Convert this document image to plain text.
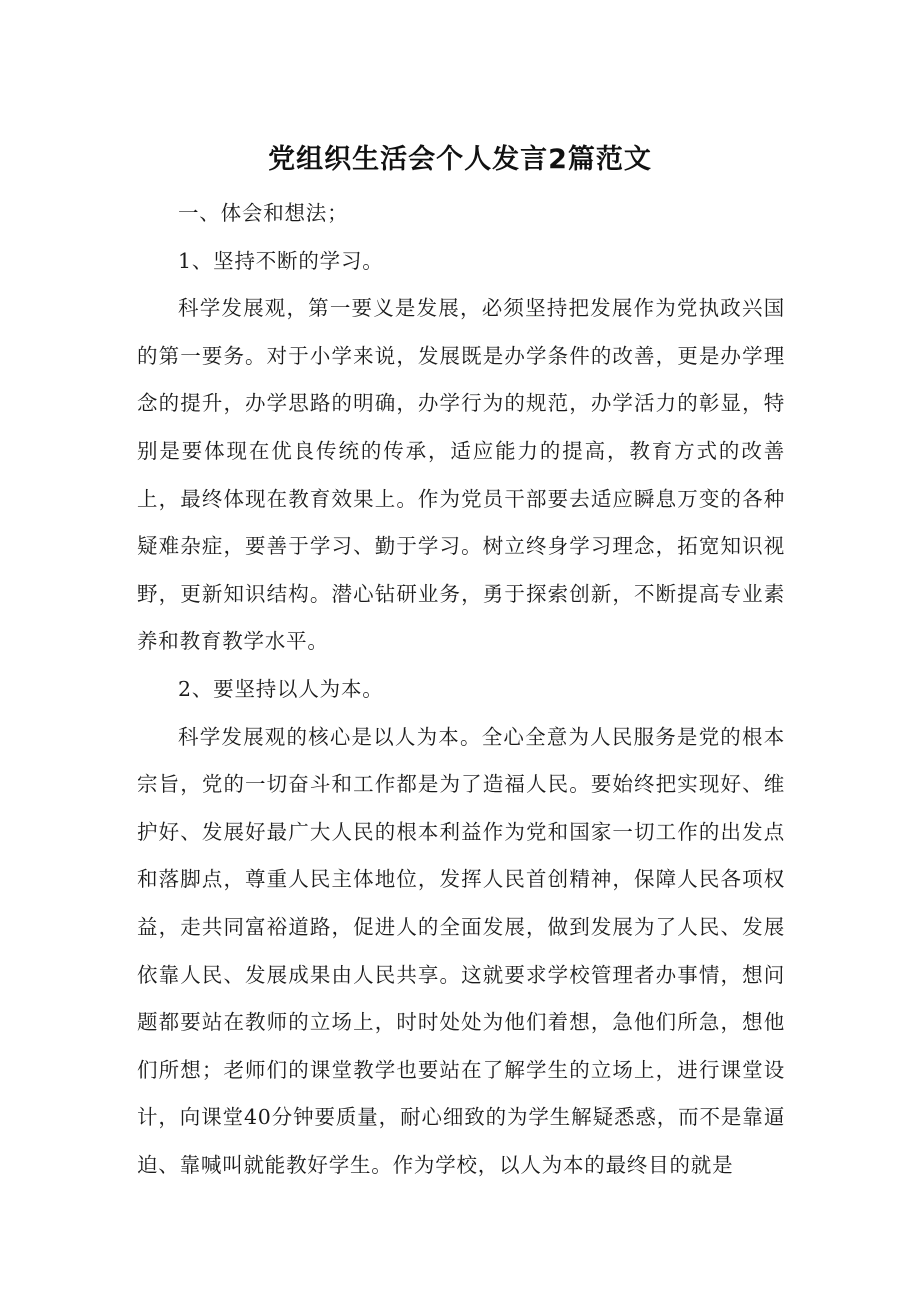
党组织生活会个人发言2篇范文

一、体会和想法；

1、坚持不断的学习。

科学发展观，第一要义是发展，必须坚持把发展作为党执政兴国的第一要务。对于小学来说，发展既是办学条件的改善，更是办学理念的提升，办学思路的明确，办学行为的规范，办学活力的彰显，特别是要体现在优良传统的传承，适应能力的提高，教育方式的改善上，最终体现在教育效果上。作为党员干部要去适应瞬息万变的各种疑难杂症，要善于学习、勤于学习。树立终身学习理念，拓宽知识视野，更新知识结构。潜心钻研业务，勇于探索创新，不断提高专业素养和教育教学水平。

2、要坚持以人为本。

科学发展观的核心是以人为本。全心全意为人民服务是党的根本宗旨，党的一切奋斗和工作都是为了造福人民。要始终把实现好、维护好、发展好最广大人民的根本利益作为党和国家一切工作的出发点和落脚点，尊重人民主体地位，发挥人民首创精神，保障人民各项权益，走共同富裕道路，促进人的全面发展，做到发展为了人民、发展依靠人民、发展成果由人民共享。这就要求学校管理者办事情，想问题都要站在教师的立场上，时时处处为他们着想，急他们所急，想他们所想；老师们的课堂教学也要站在了解学生的立场上，进行课堂设计，向课堂40分钟要质量，耐心细致的为学生解疑悉惑，而不是靠逼迫、靠喊叫就能教好学生。作为学校，以人为本的最终目的就是
